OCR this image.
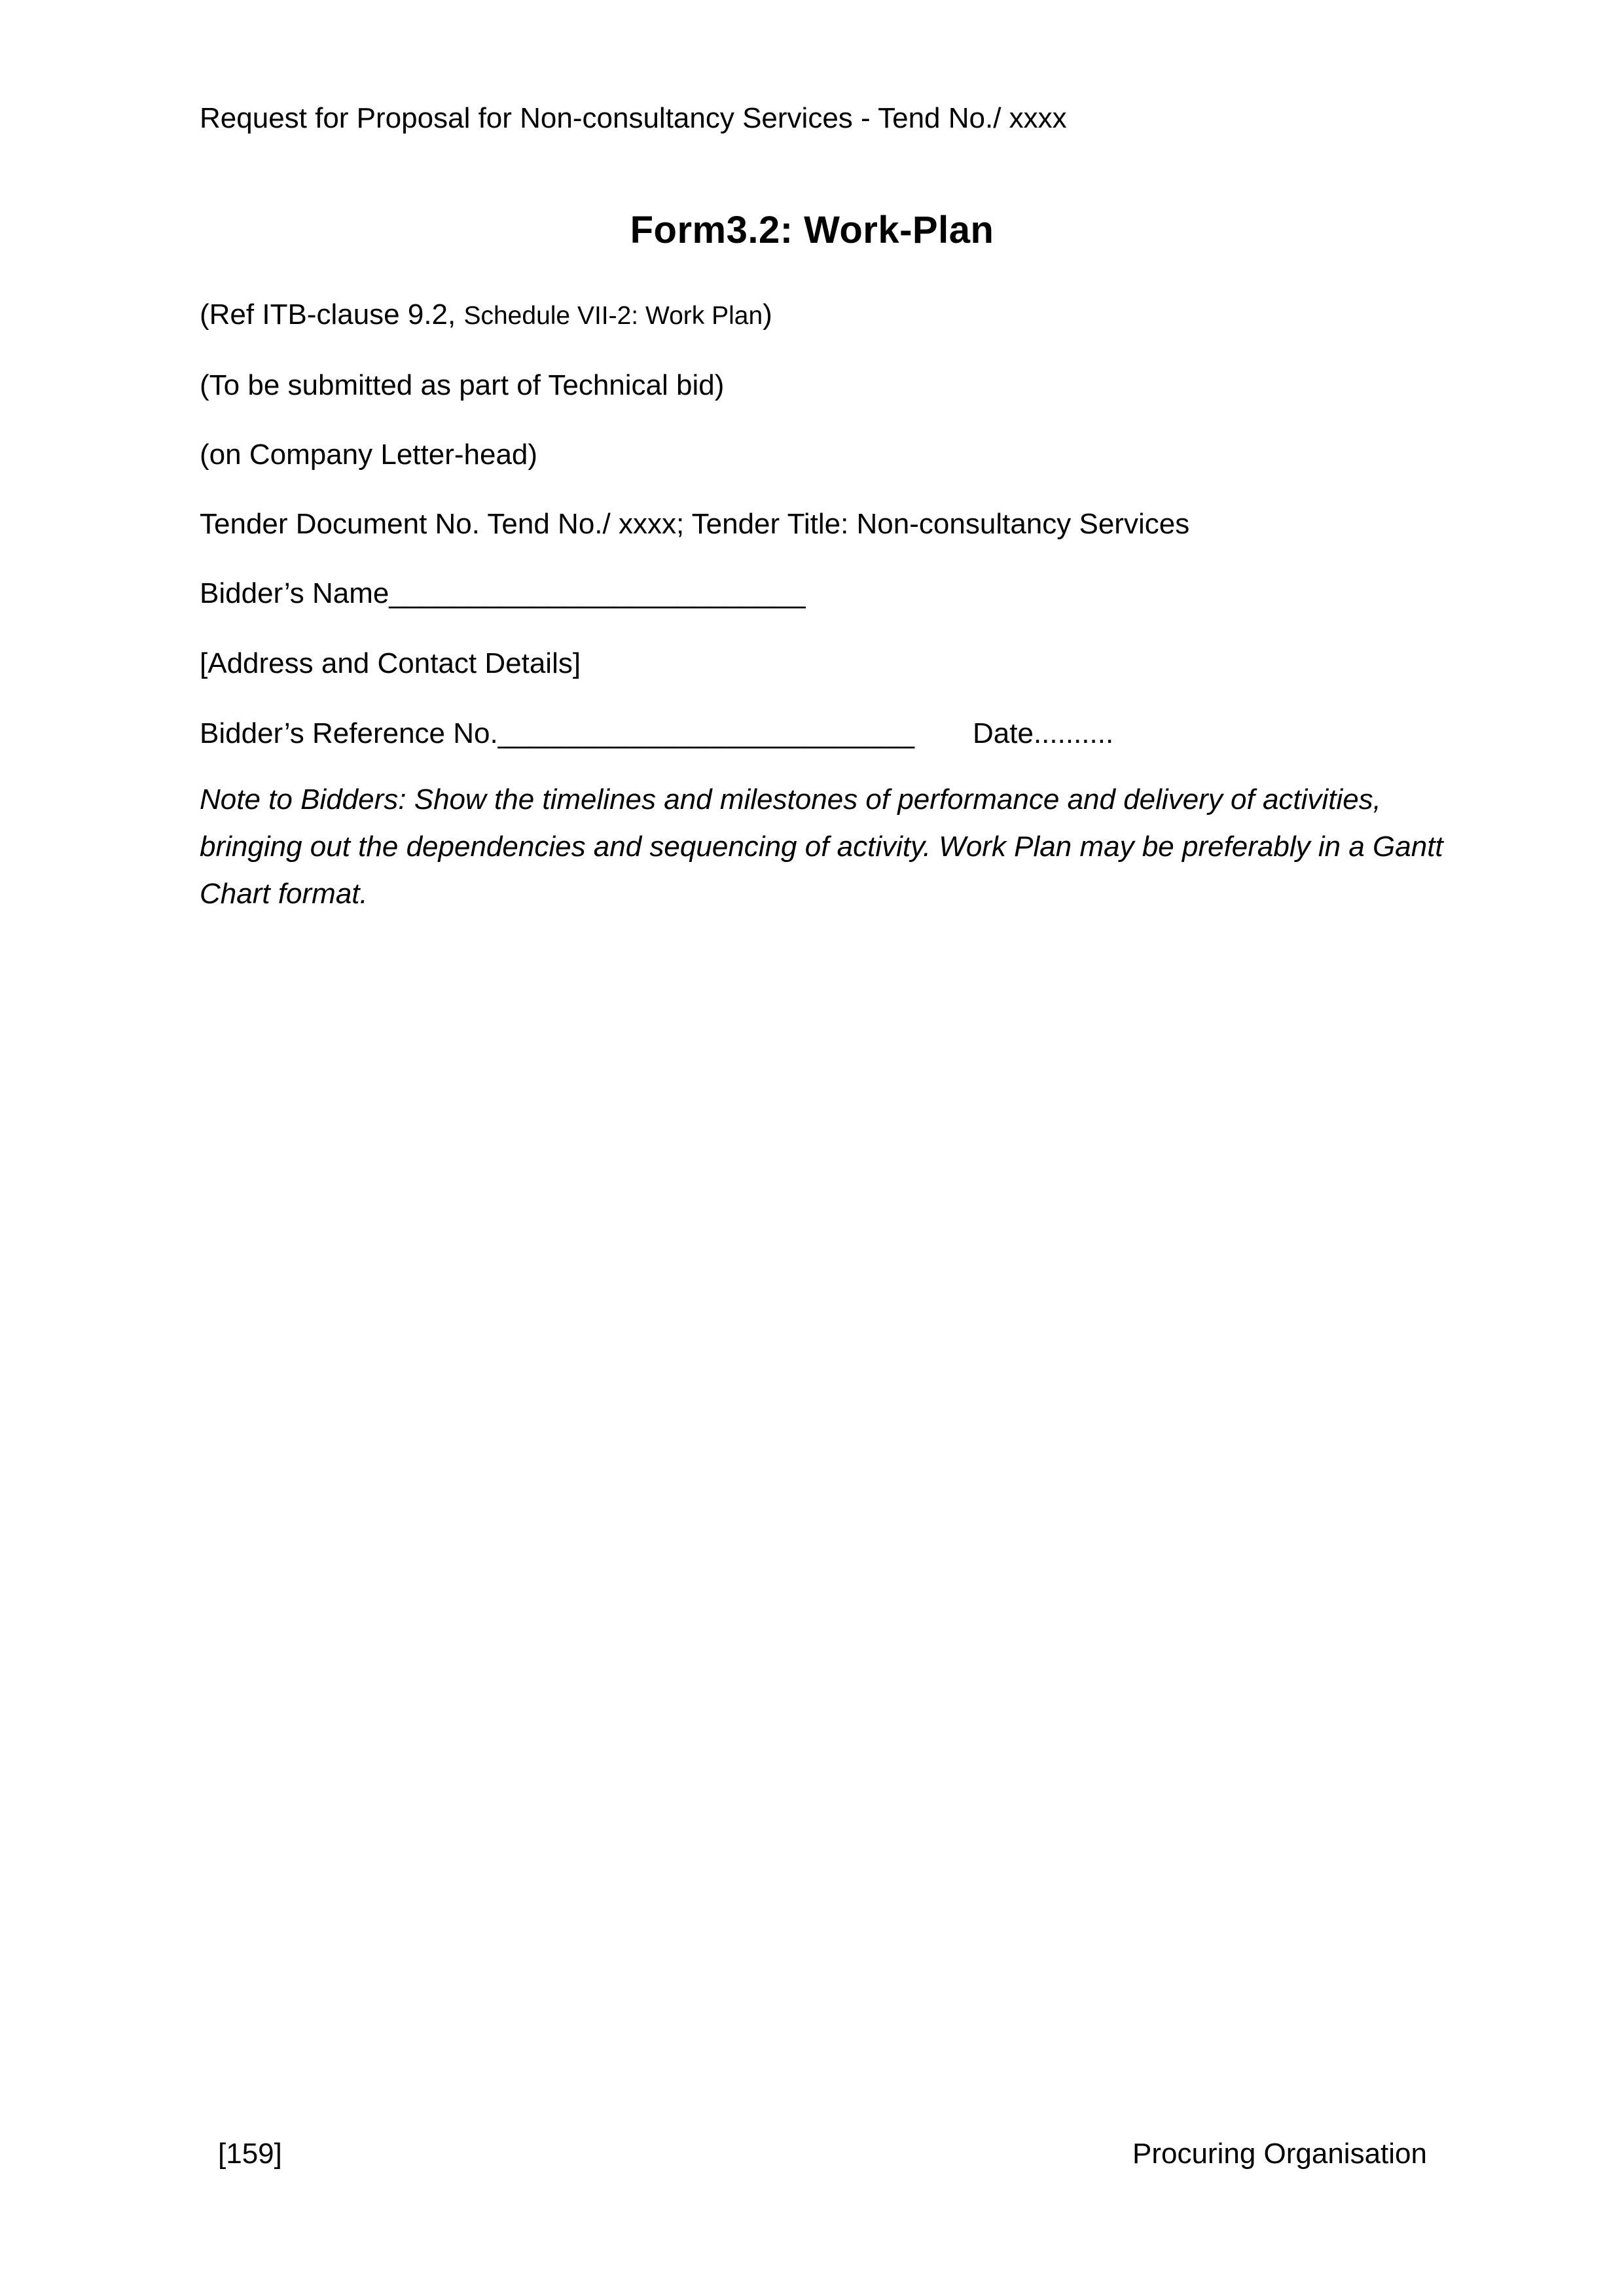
Request for Proposal for Non-consultancy Services - Tend No./ xxxx
Form3.2: Work-Plan
(Ref ITB-clause 9.2, Schedule VII-2: Work Plan)
(To be submitted as part of Technical bid)
(on Company Letter-head)
Tender Document No. Tend No./ xxxx; Tender Title: Non-consultancy Services
Bidder’s Name__________________________
[Address and Contact Details]
Bidder’s Reference No.__________________________ Date..........
Note to Bidders: Show the timelines and milestones of performance and delivery of activities,
bringing out the dependencies and sequencing of activity. Work Plan may be preferably in a Gantt
Chart format.
[159]	Procuring Organisation
